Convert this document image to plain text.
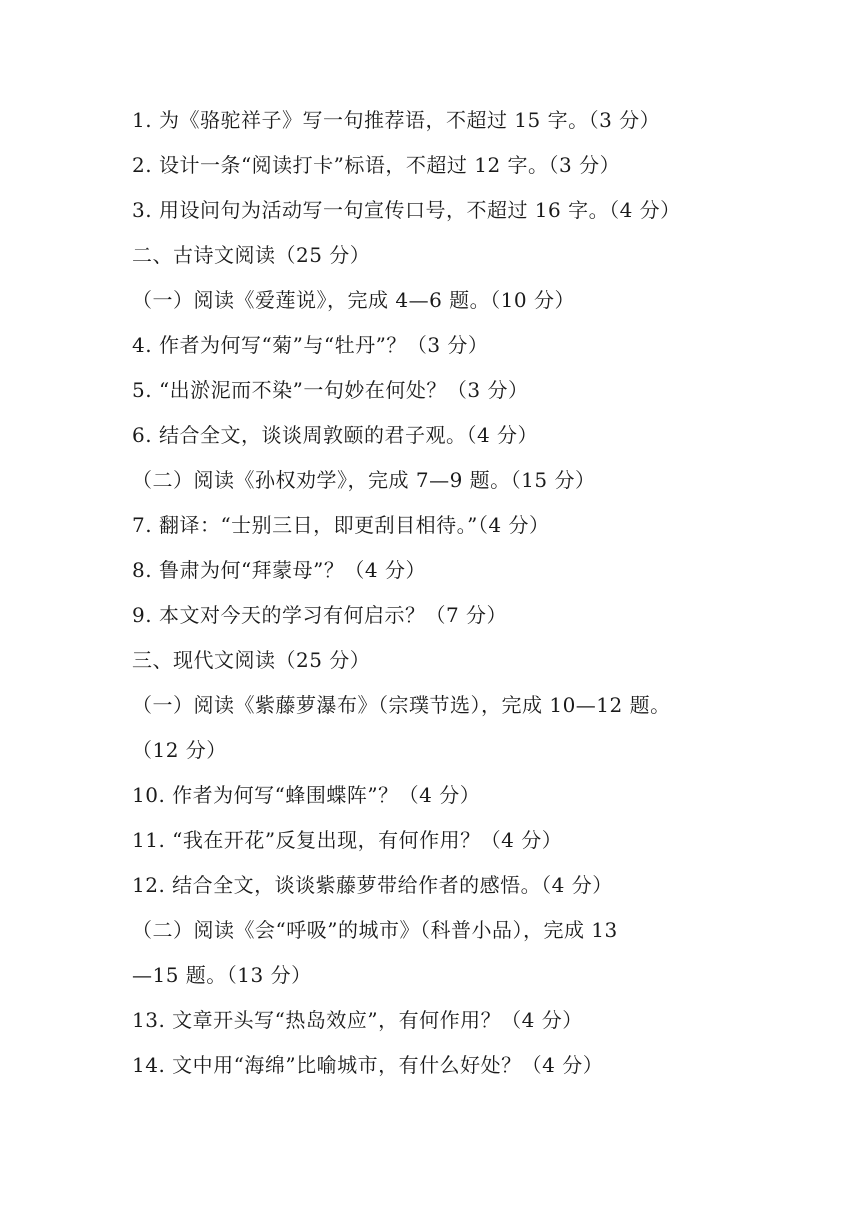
1. 为《骆驼祥子》写一句推荐语，不超过 15 字。（3 分）
2. 设计一条“阅读打卡”标语，不超过 12 字。（3 分）
3. 用设问句为活动写一句宣传口号，不超过 16 字。（4 分）
二、古诗文阅读（25 分）
（一）阅读《爱莲说》，完成 4—6 题。（10 分）
4. 作者为何写“菊”与“牡丹”？（3 分）
5. “出淤泥而不染”一句妙在何处？（3 分）
6. 结合全文，谈谈周敦颐的君子观。（4 分）
（二）阅读《孙权劝学》，完成 7—9 题。（15 分）
7. 翻译：“士别三日，即更刮目相待。”（4 分）
8. 鲁肃为何“拜蒙母”？（4 分）
9. 本文对今天的学习有何启示？（7 分）
三、现代文阅读（25 分）
（一）阅读《紫藤萝瀑布》（宗璞节选），完成 10—12 题。
（12 分）
10. 作者为何写“蜂围蝶阵”？（4 分）
11. “我在开花”反复出现，有何作用？（4 分）
12. 结合全文，谈谈紫藤萝带给作者的感悟。（4 分）
（二）阅读《会“呼吸”的城市》（科普小品），完成 13
—15 题。（13 分）
13. 文章开头写“热岛效应”，有何作用？（4 分）
14. 文中用“海绵”比喻城市，有什么好处？（4 分）
